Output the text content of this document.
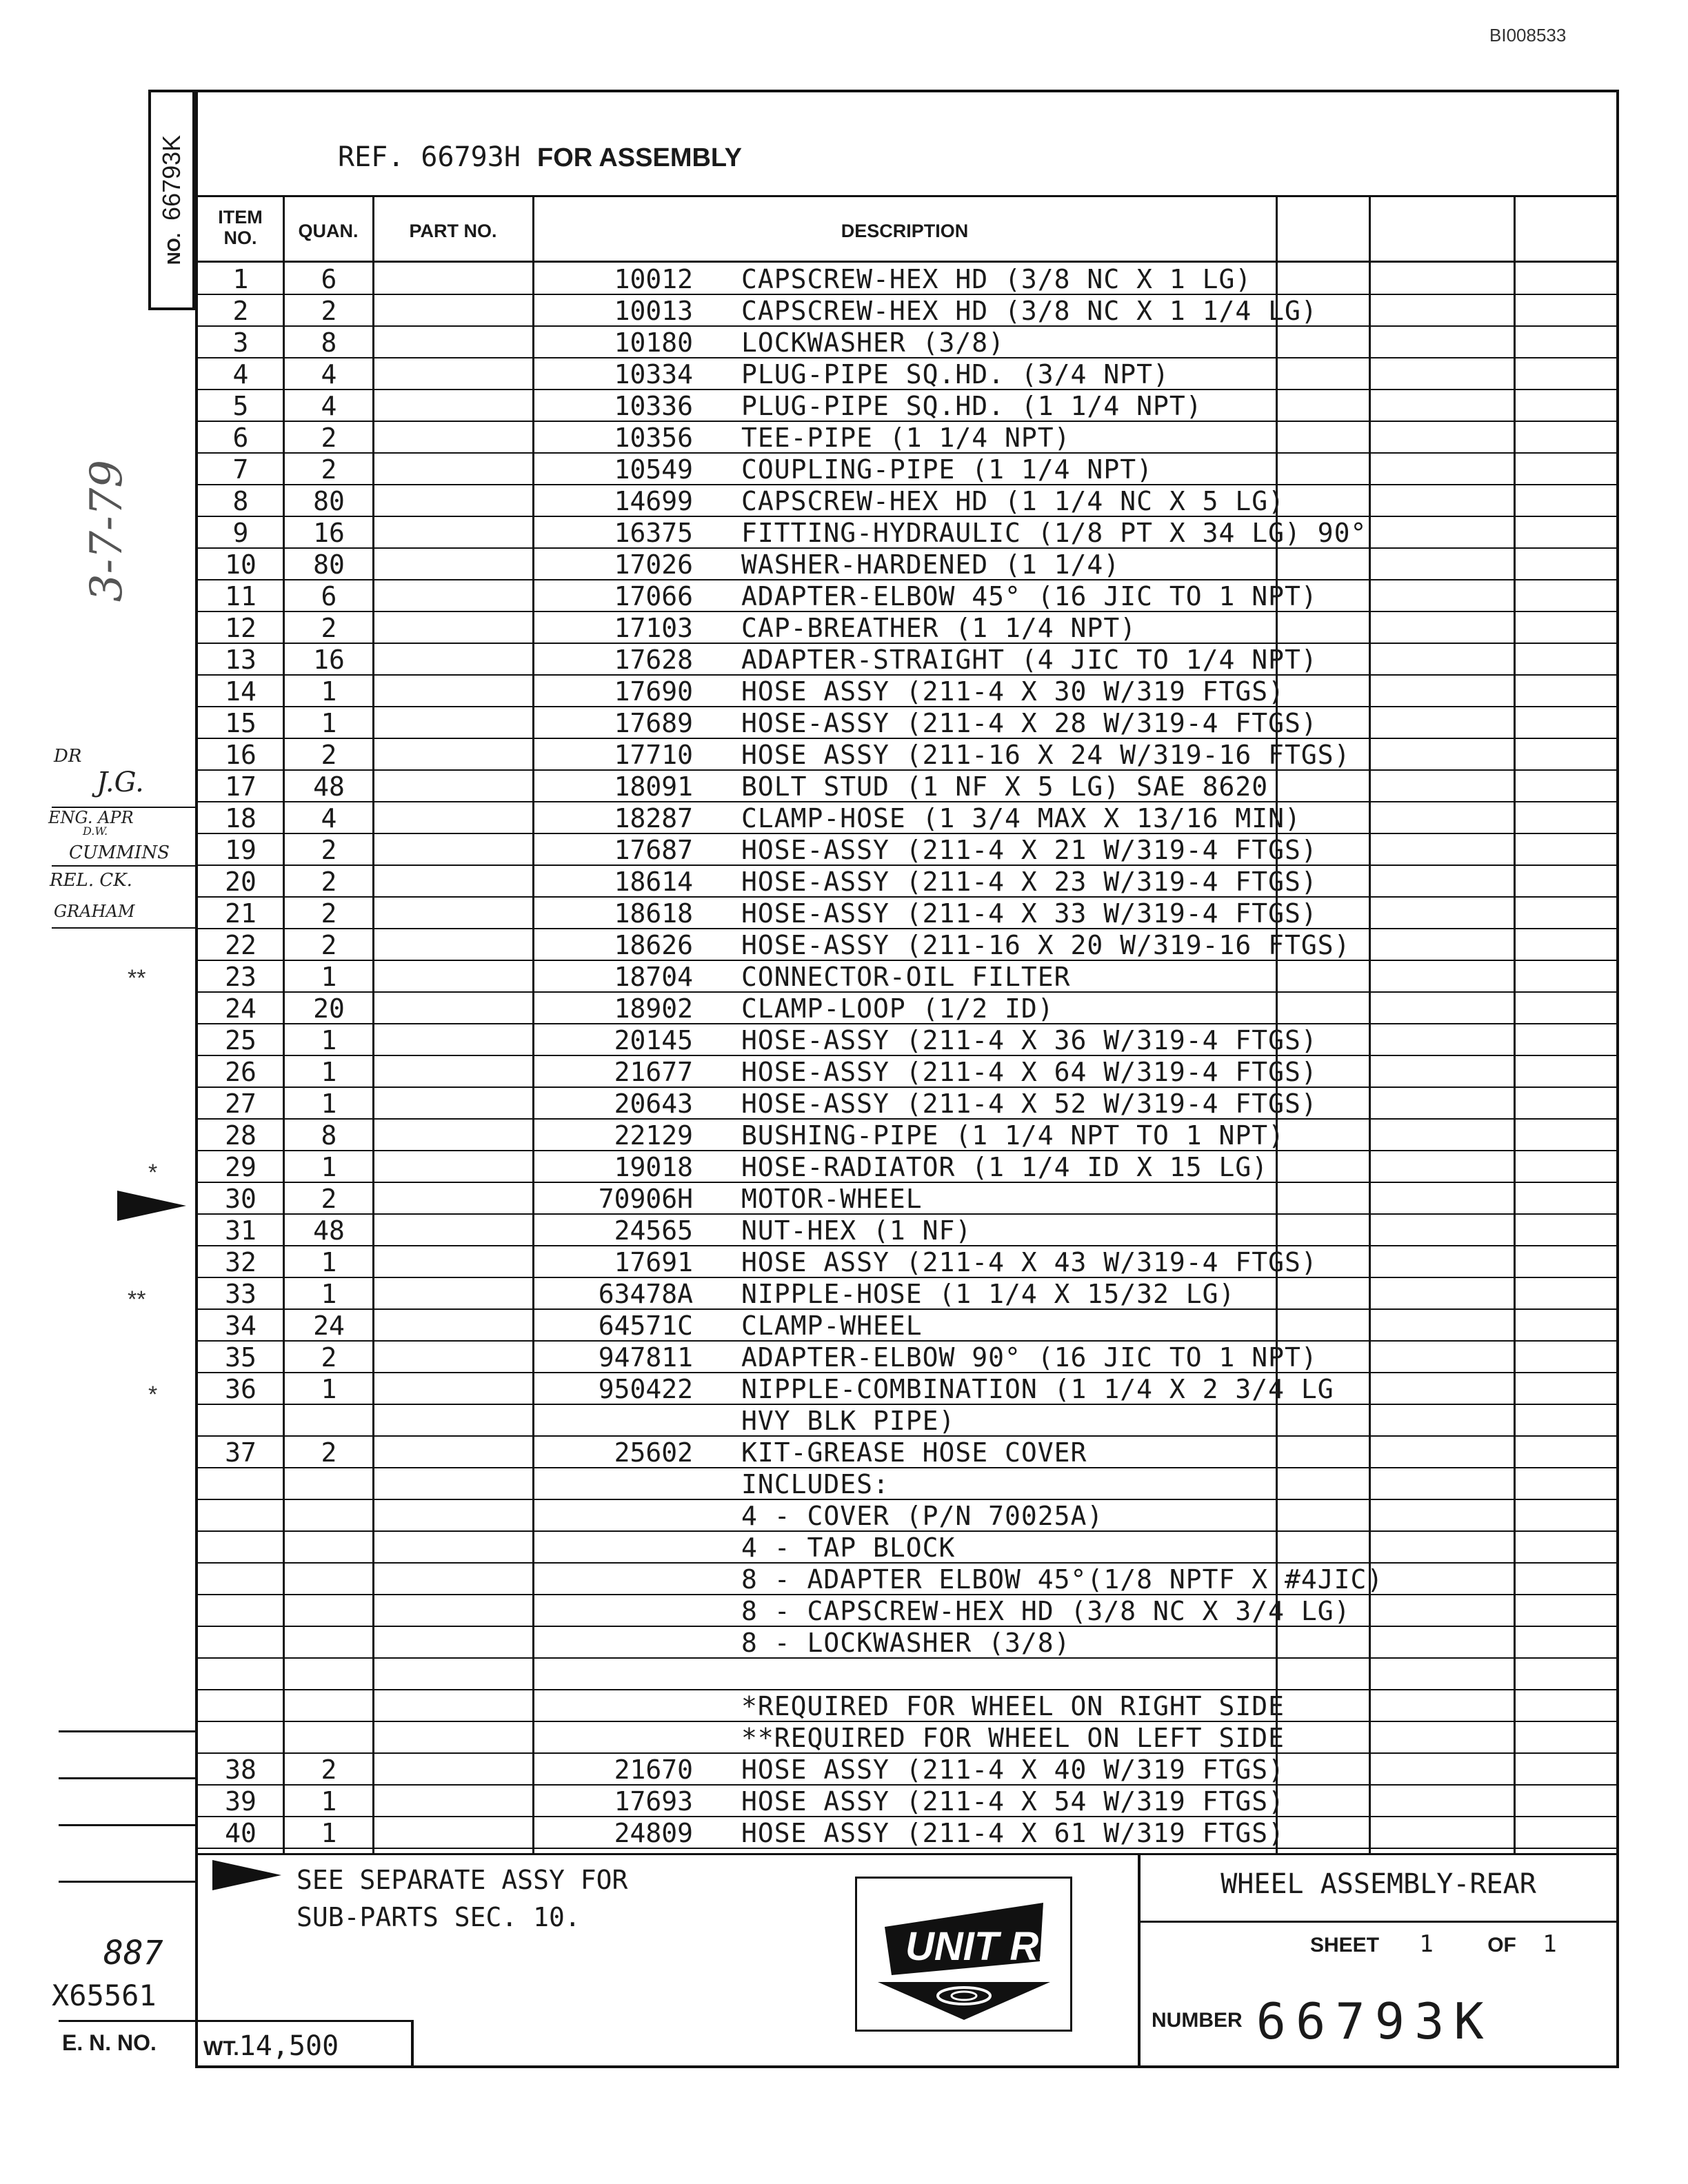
BI008533
NO.66793K
3-7-79
DR
J.G.
ENG. APR
D.W.
CUMMINS
REL. CK.
GRAHAM
**
*
**
*
REF. 66793H FOR ASSEMBLY
ITEM
NO.	QUAN.	PART NO.	DESCRIPTION
1	6	10012	CAPSCREW-HEX HD (3/8 NC X 1 LG)
2	2	10013	CAPSCREW-HEX HD (3/8 NC X 1 1/4 LG)
3	8	10180	LOCKWASHER (3/8)
4	4	10334	PLUG-PIPE SQ.HD. (3/4 NPT)
5	4	10336	PLUG-PIPE SQ.HD. (1 1/4 NPT)
6	2	10356	TEE-PIPE (1 1/4 NPT)
7	2	10549	COUPLING-PIPE (1 1/4 NPT)
8	80	14699	CAPSCREW-HEX HD (1 1/4 NC X 5 LG)
9	16	16375	FITTING-HYDRAULIC (1/8 PT X 34 LG) 90°
10	80	17026	WASHER-HARDENED (1 1/4)
11	6	17066	ADAPTER-ELBOW 45° (16 JIC TO 1 NPT)
12	2	17103	CAP-BREATHER (1 1/4 NPT)
13	16	17628	ADAPTER-STRAIGHT (4 JIC TO 1/4 NPT)
14	1	17690	HOSE ASSY (211-4 X 30 W/319 FTGS)
15	1	17689	HOSE-ASSY (211-4 X 28 W/319-4 FTGS)
16	2	17710	HOSE ASSY (211-16 X 24 W/319-16 FTGS)
17	48	18091	BOLT STUD (1 NF X 5 LG) SAE 8620
18	4	18287	CLAMP-HOSE (1 3/4 MAX X 13/16 MIN)
19	2	17687	HOSE-ASSY (211-4 X 21 W/319-4 FTGS)
20	2	18614	HOSE-ASSY (211-4 X 23 W/319-4 FTGS)
21	2	18618	HOSE-ASSY (211-4 X 33 W/319-4 FTGS)
22	2	18626	HOSE-ASSY (211-16 X 20 W/319-16 FTGS)
23	1	18704	CONNECTOR-OIL FILTER
24	20	18902	CLAMP-LOOP (1/2 ID)
25	1	20145	HOSE-ASSY (211-4 X 36 W/319-4 FTGS)
26	1	21677	HOSE-ASSY (211-4 X 64 W/319-4 FTGS)
27	1	20643	HOSE-ASSY (211-4 X 52 W/319-4 FTGS)
28	8	22129	BUSHING-PIPE (1 1/4 NPT TO 1 NPT)
29	1	19018	HOSE-RADIATOR (1 1/4 ID X 15 LG)
30	2	70906H	MOTOR-WHEEL
31	48	24565	NUT-HEX (1 NF)
32	1	17691	HOSE ASSY (211-4 X 43 W/319-4 FTGS)
33	1	63478A	NIPPLE-HOSE (1 1/4 X 15/32 LG)
34	24	64571C	CLAMP-WHEEL
35	2	947811	ADAPTER-ELBOW 90° (16 JIC TO 1 NPT)
36	1	950422	NIPPLE-COMBINATION (1 1/4 X 2 3/4 LG
HVY BLK PIPE)
37	2	25602	KIT-GREASE HOSE COVER
INCLUDES:
4 - COVER (P/N 70025A)
4 - TAP BLOCK
8 - ADAPTER ELBOW 45°(1/8 NPTF X #4JIC)
8 - CAPSCREW-HEX HD (3/8 NC X 3/4 LG)
8 - LOCKWASHER (3/8)
*REQUIRED FOR WHEEL ON RIGHT SIDE
**REQUIRED FOR WHEEL ON LEFT SIDE
38	2	21670	HOSE ASSY (211-4 X 40 W/319 FTGS)
39	1	17693	HOSE ASSY (211-4 X 54 W/319 FTGS)
40	1	24809	HOSE ASSY (211-4 X 61 W/319 FTGS)
SEE SEPARATE ASSY FOR
SUB-PARTS SEC. 10.
UNIT RIG
WHEEL ASSEMBLY-REAR
SHEET 1	OF 1
NUMBER 66793K
887
X65561
E. N. NO. WT.14,500
